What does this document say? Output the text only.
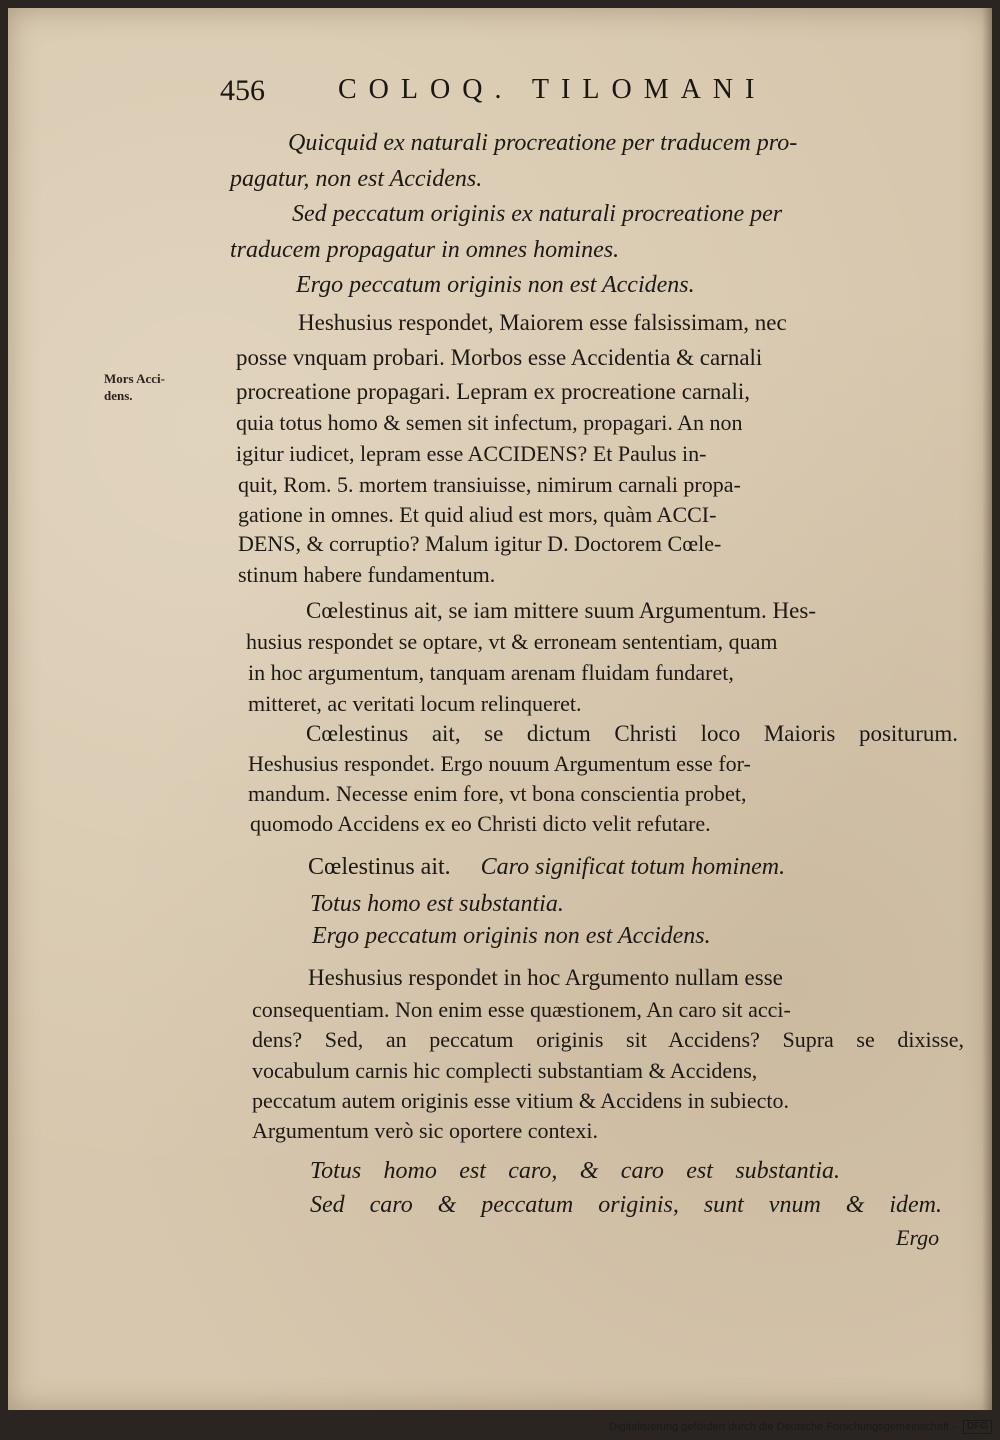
456	COLOQ. TILOMANI
Mors Acci-
dens.
Quicquid ex naturali procreatione per traducem pro-
pagatur, non est Accidens.
Sed peccatum originis ex naturali procreatione per
traducem propagatur in omnes homines.
Ergo peccatum originis non est Accidens.
Heshusius respondet, Maiorem esse falsissimam, nec
posse vnquam probari. Morbos esse Accidentia & carnali
procreatione propagari. Lepram ex procreatione carnali,
quia totus homo & semen sit infectum, propagari. An non
igitur iudicet, lepram esse ACCIDENS? Et Paulus in-
quit, Rom. 5. mortem transiuisse, nimirum carnali propa-
gatione in omnes. Et quid aliud est mors, quàm ACCI-
DENS, & corruptio? Malum igitur D. Doctorem Cœle-
stinum habere fundamentum.
Cœlestinus ait, se iam mittere suum Argumentum. Hes-
husius respondet se optare, vt & erroneam sententiam, quam
in hoc argumentum, tanquam arenam fluidam fundaret,
mitteret, ac veritati locum relinqueret.
Cœlestinus ait, se dictum Christi loco Maioris positurum.
Heshusius respondet. Ergo nouum Argumentum esse for-
mandum. Necesse enim fore, vt bona conscientia probet,
quomodo Accidens ex eo Christi dicto velit refutare.
Cœlestinus ait. Caro significat totum hominem.
Totus homo est substantia.
Ergo peccatum originis non est Accidens.
Heshusius respondet in hoc Argumento nullam esse
consequentiam. Non enim esse quæstionem, An caro sit acci-
dens? Sed, an peccatum originis sit Accidens? Supra se dixisse,
vocabulum carnis hic complecti substantiam & Accidens,
peccatum autem originis esse vitium & Accidens in subiecto.
Argumentum verò sic oportere contexi.
Totus homo est caro, & caro est substantia.
Sed caro & peccatum originis, sunt vnum & idem.
Ergo
Digitalisierung gefördert durch die Deutsche Forschungsgemeinschaft - DFG
